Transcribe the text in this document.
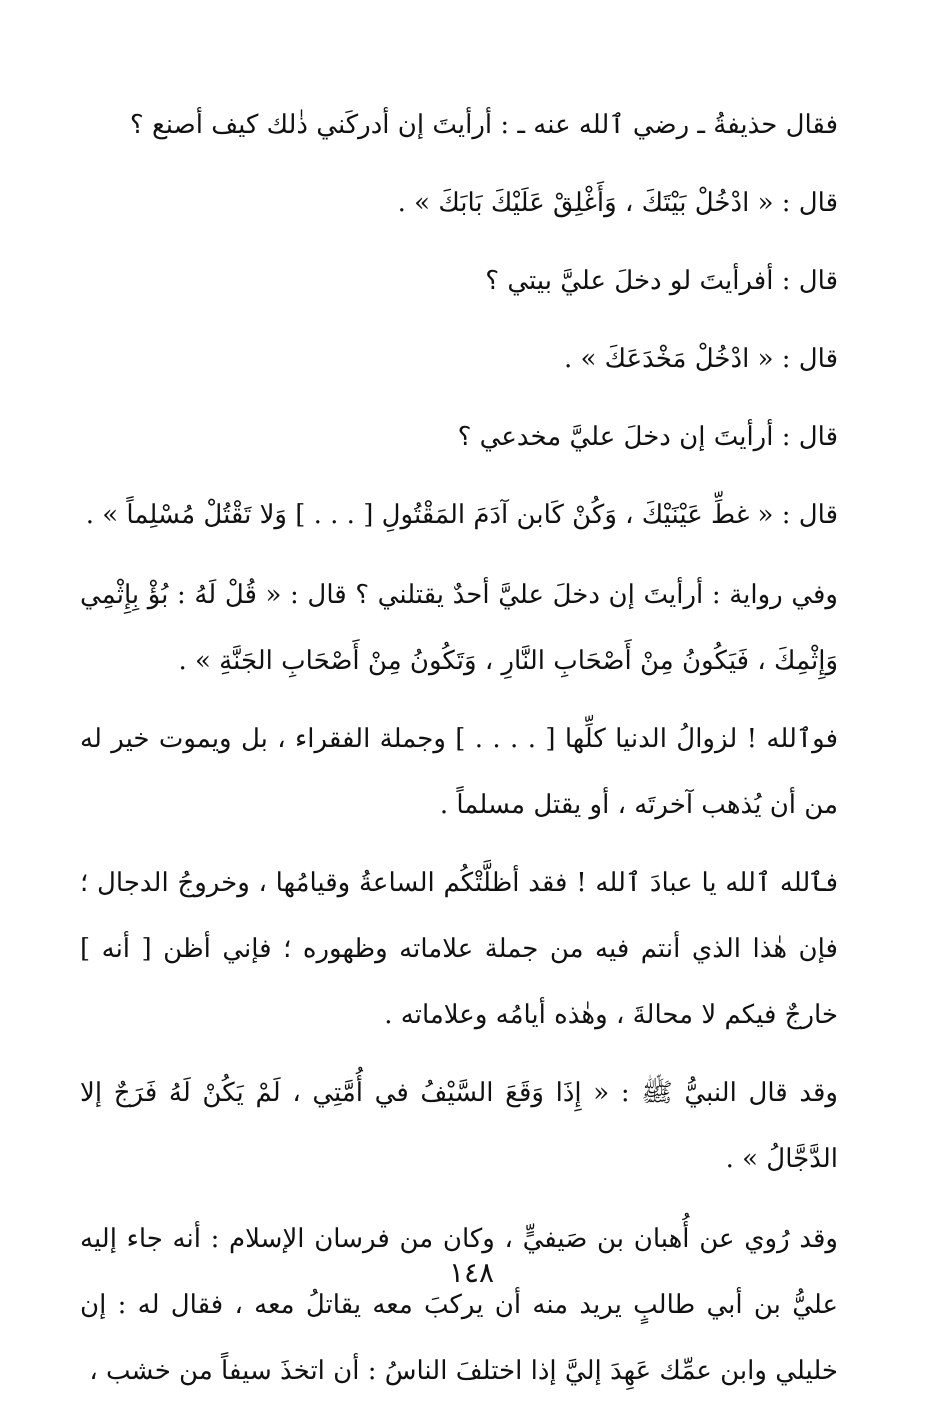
فقال حذيفةُ ـ رضي ٱلله عنه ـ : أرأيتَ إن أدركَني ذٰلك كيف أصنع ؟

قال : « ادْخُلْ بَيْتَكَ ، وَأَغْلِقْ عَلَيْكَ بَابَكَ » .

قال : أفرأيتَ لو دخلَ عليَّ بيتي ؟

قال : « ادْخُلْ مَخْدَعَكَ » .

قال : أرأيتَ إن دخلَ عليَّ مخدعي ؟

قال : « غطِّ عَيْنَيْكَ ، وَكُنْ كَابن آدَمَ المَقْتُولِ [ . . . ] وَلا تَقْتُلْ مُسْلِماً » .

وفي رواية : أرأيتَ إن دخلَ عليَّ أحدٌ يقتلني ؟ قال : « قُلْ لَهُ : بُؤْ بِإِثْمِي وَإِثْمِكَ ، فَيَكُونُ مِنْ أَصْحَابِ النَّارِ ، وَتَكُونُ مِنْ أَصْحَابِ الجَنَّةِ » .

فوٱلله ! لزوالُ الدنيا كلِّها [ . . . . ] وجملة الفقراء ، بل ويموت خير له من أن يُذهب آخرتَه ، أو يقتل مسلماً .

فٱلله ٱلله يا عبادَ ٱلله ! فقد أظلَّتْكُم الساعةُ وقيامُها ، وخروجُ الدجال ؛ فإن هٰذا الذي أنتم فيه من جملة علاماته وظهوره ؛ فإني أظن [ أنه ] خارجٌ فيكم لا محالةَ ، وهٰذه أيامُه وعلاماته .

وقد قال النبيُّ ﷺ : « إِذَا وَقَعَ السَّيْفُ في أُمَّتِي ، لَمْ يَكُنْ لَهُ فَرَجٌ إلا الدَّجَّالُ » .

وقد رُوي عن أُهبان بن صَيفيٍّ ، وكان من فرسان الإسلام : أنه جاء إليه عليُّ بن أبي طالبٍ يريد منه أن يركبَ معه يقاتلُ معه ، فقال له : إن خليلي وابن عمِّك عَهِدَ إليَّ إذا اختلفَ الناسُ : أن اتخذَ سيفاً من خشب ،

١٤٨
